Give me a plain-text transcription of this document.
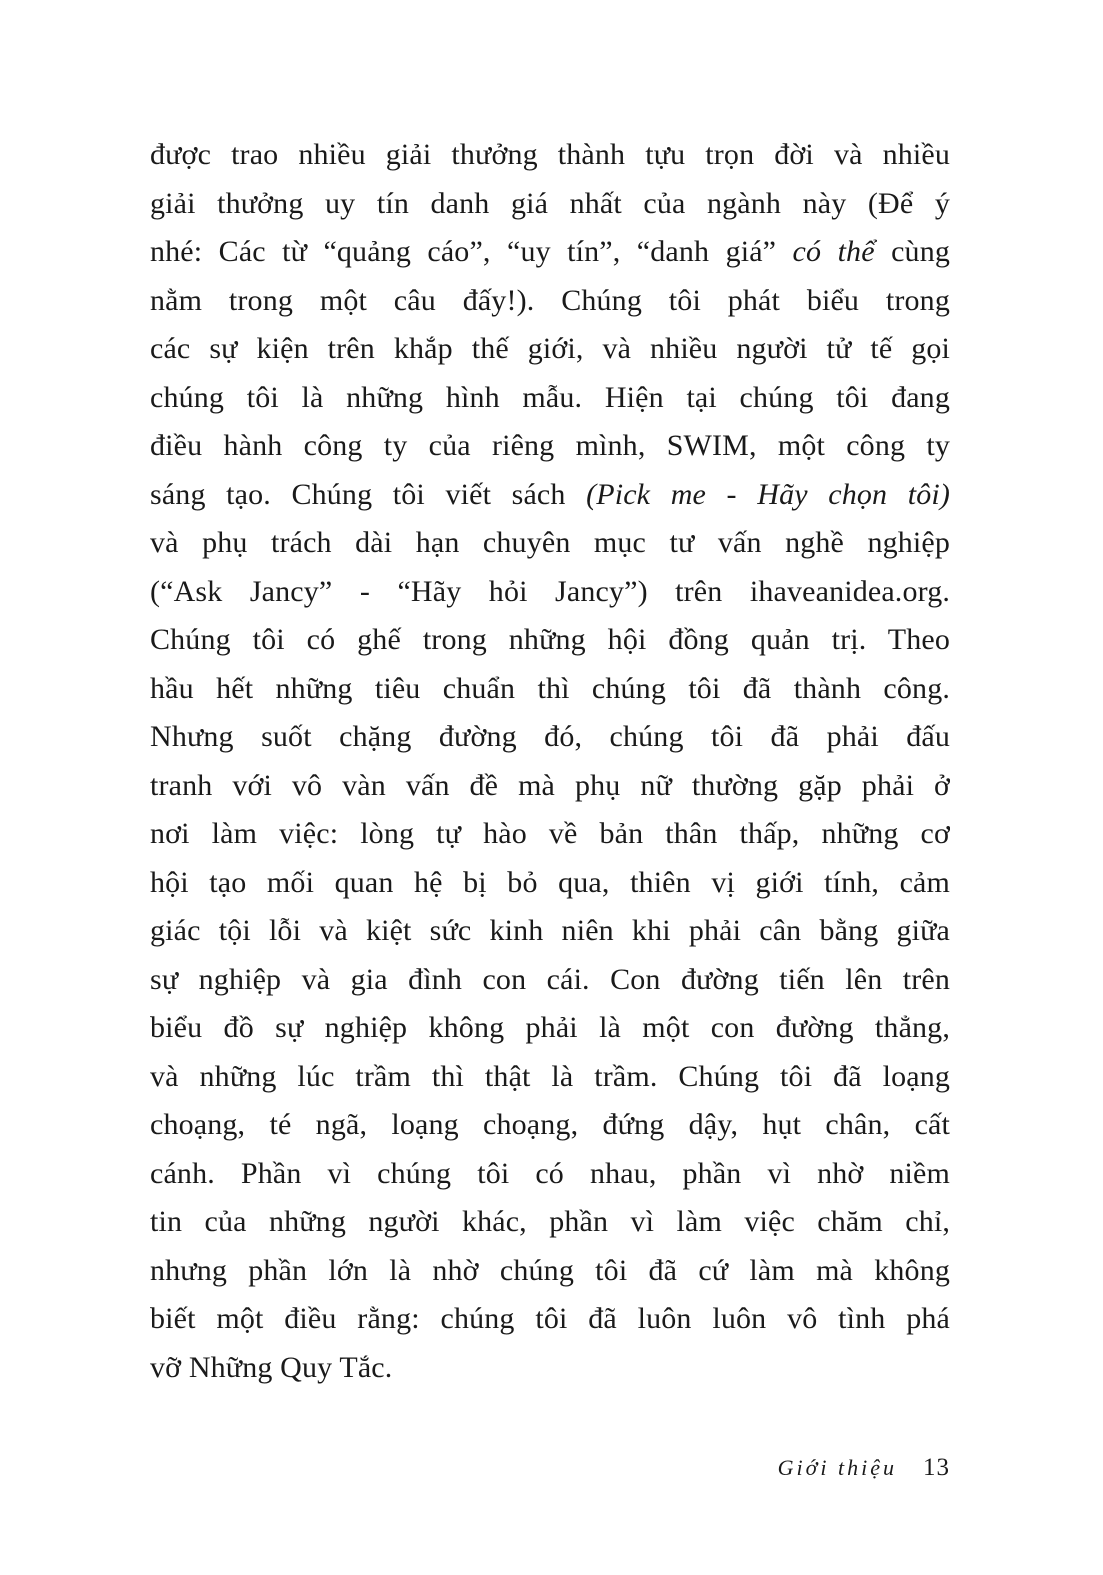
được trao nhiều giải thưởng thành tựu trọn đời và nhiều
giải thưởng uy tín danh giá nhất của ngành này (Để ý
nhé: Các từ “quảng cáo”, “uy tín”, “danh giá” có thể cùng
nằm trong một câu đấy!). Chúng tôi phát biểu trong
các sự kiện trên khắp thế giới, và nhiều người tử tế gọi
chúng tôi là những hình mẫu. Hiện tại chúng tôi đang
điều hành công ty của riêng mình, SWIM, một công ty
sáng tạo. Chúng tôi viết sách (Pick me - Hãy chọn tôi)
và phụ trách dài hạn chuyên mục tư vấn nghề nghiệp
(“Ask Jancy” - “Hãy hỏi Jancy”) trên ihaveanidea.org.
Chúng tôi có ghế trong những hội đồng quản trị. Theo
hầu hết những tiêu chuẩn thì chúng tôi đã thành công.
Nhưng suốt chặng đường đó, chúng tôi đã phải đấu
tranh với vô vàn vấn đề mà phụ nữ thường gặp phải ở
nơi làm việc: lòng tự hào về bản thân thấp, những cơ
hội tạo mối quan hệ bị bỏ qua, thiên vị giới tính, cảm
giác tội lỗi và kiệt sức kinh niên khi phải cân bằng giữa
sự nghiệp và gia đình con cái. Con đường tiến lên trên
biểu đồ sự nghiệp không phải là một con đường thẳng,
và những lúc trầm thì thật là trầm. Chúng tôi đã loạng
choạng, té ngã, loạng choạng, đứng dậy, hụt chân, cất
cánh. Phần vì chúng tôi có nhau, phần vì nhờ niềm
tin của những người khác, phần vì làm việc chăm chỉ,
nhưng phần lớn là nhờ chúng tôi đã cứ làm mà không
biết một điều rằng: chúng tôi đã luôn luôn vô tình phá
vỡ Những Quy Tắc.
Giới thiệu 13
